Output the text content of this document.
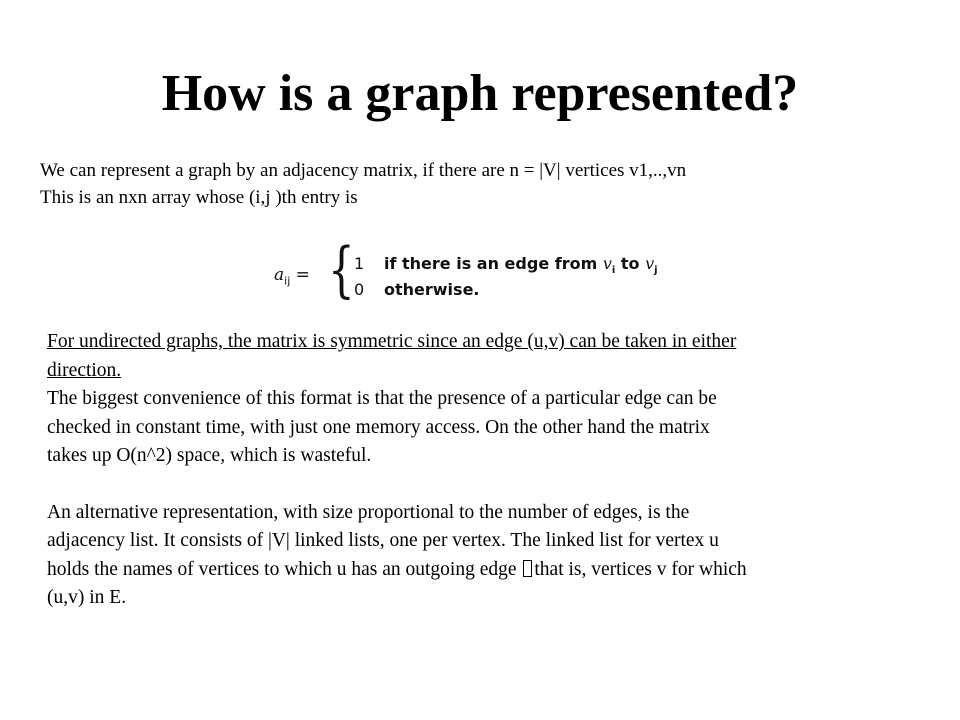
How is a graph represented?
We can represent a graph by an adjacency matrix, if there are n = |V| vertices v1,..,vn
This is an nxn array whose (i,j )th entry is
$a_{ij}$ = { 1 if there is an edge from $v_i$ to $v_j$
0 otherwise.

For undirected graphs, the matrix is symmetric since an edge (u,v) can be taken in either

direction.

The biggest convenience of this format is that the presence of a particular edge can be

checked in constant time, with just one memory access. On the other hand the matrix

takes up O(n^2) space, which is wasteful.

An alternative representation, with size proportional to the number of edges, is the

adjacency list. It consists of |V| linked lists, one per vertex. The linked list for vertex u

holds the names of vertices to which u has an outgoing edge that is, vertices v for which

(u,v) in E.
